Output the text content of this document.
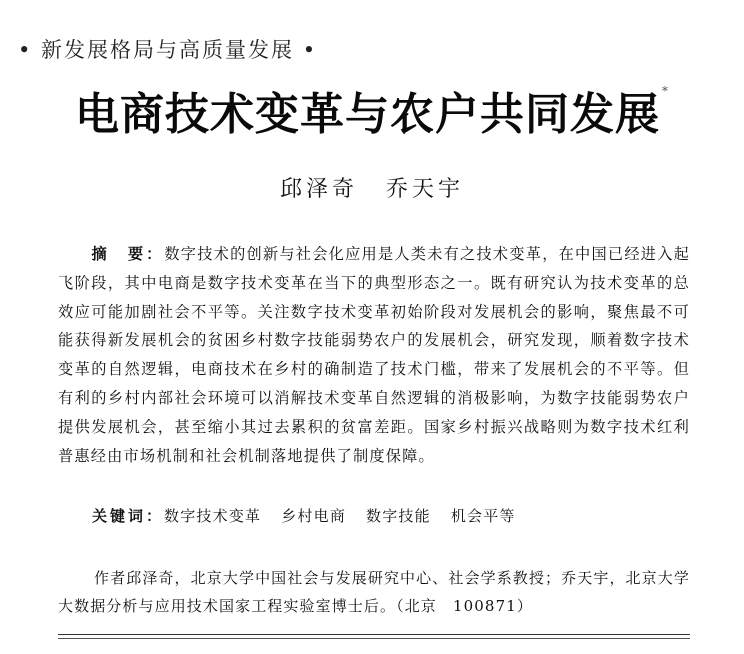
• 新发展格局与高质量发展 •
电商技术变革与农户共同发展 *
邱泽奇 乔天宇

摘　要：数字技术的创新与社会化应用是人类未有之技术变革，在中国已经进入起飞阶段，其中电商是数字技术变革在当下的典型形态之一。既有研究认为技术变革的总效应可能加剧社会不平等。关注数字技术变革初始阶段对发展机会的影响，聚焦最不可能获得新发展机会的贫困乡村数字技能弱势农户的发展机会，研究发现，顺着数字技术变革的自然逻辑，电商技术在乡村的确制造了技术门槛，带来了发展机会的不平等。但有利的乡村内部社会环境可以消解技术变革自然逻辑的消极影响，为数字技能弱势农户提供发展机会，甚至缩小其过去累积的贫富差距。国家乡村振兴战略则为数字技术红利普惠经由市场机制和社会机制落地提供了制度保障。

关键词：数字技术变革 乡村电商 数字技能 机会平等

作者邱泽奇，北京大学中国社会与发展研究中心、社会学系教授；乔天宇，北京大学大数据分析与应用技术国家工程实验室博士后。（北京　100871）
